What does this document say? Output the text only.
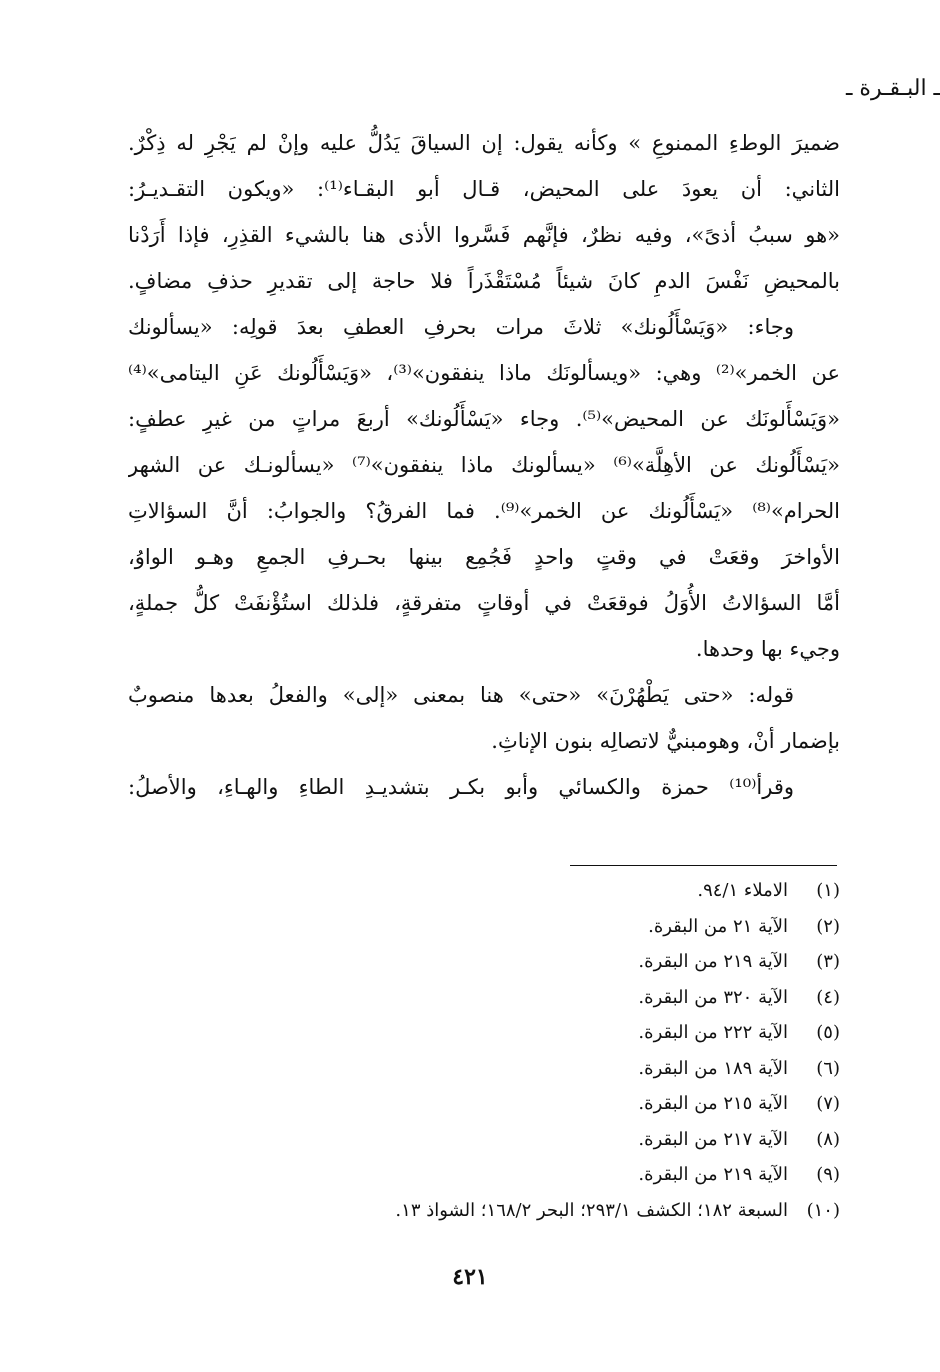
ـ البـقـرة ـ
ضميرَ الوطءِ الممنوعِ » وكأنه يقول: إن السياقَ يَدُلُّ عليه وإنْ لم يَجْرِ له ذِكْرٌ.
الثاني: أن يعودَ على المحيض، قـال أبو البقـاء⁽¹⁾: «ويكون التقـديـرُ:
«هو سببُ أذىً»، وفيه نظرٌ، فإنَّهم فَسَّروا الأذى هنا بالشيء القذِرِ، فإذا أَرَدْنا
بالمحيضِ نَفْسَ الدمِ كانَ شيئاً مُسْتَقْذَراً فلا حاجة إلى تقديرِ حذفِ مضافٍ.
وجاء: «وَيَسْأَلُونك» ثلاثَ مرات بحرفِ العطفِ بعدَ قولِه: «يسألونك
عن الخمر»⁽²⁾ وهي: «ويسألونَك ماذا ينفقون»⁽³⁾، «وَيَسْأَلُونك عَنِ اليتامى»⁽⁴⁾
«وَيَسْأَلونَك عن المحيض»⁽⁵⁾. وجاء «يَسْأَلُونك» أربعَ مراتٍ من غيرِ عطفٍ:
«يَسْأَلُونك عن الأهِلَّة»⁽⁶⁾ «يسألونك ماذا ينفقون»⁽⁷⁾ «يسألونـك عن الشهر
الحرام»⁽⁸⁾ «يَسْأَلُونك عن الخمر»⁽⁹⁾. فما الفرقُ؟ والجوابُ: أنَّ السؤالاتِ
الأواخرَ وقعَتْ في وقتٍ واحدٍ فَجُمِع بينها بحـرفِ الجمعِ وهـو الواوُ،
أمَّا السؤالاتُ الأُوَلُ فوقعَتْ في أوقاتٍ متفرقةٍ، فلذلك استُؤْنفَتْ كلُّ جملةٍ،
وجيء بها وحدها.
قوله: «حتى يَطْهُرْنَ» «حتى» هنا بمعنى «إلى» والفعلُ بعدها منصوبٌ
بإضمار أنْ، وهومبنيٌّ لاتصالِه بنون الإناثِ.
وقرأ⁽¹⁰⁾ حمزة والكسائي وأبو بكـر بتشديـدِ الطاءِ والهـاءِ، والأصلُ:
(١)
الاملاء ٩٤/١.
(٢)
الآية ٢١ من البقرة.
(٣)
الآية ٢١٩ من البقرة.
(٤)
الآية ٣٢٠ من البقرة.
(٥)
الآية ٢٢٢ من البقرة.
(٦)
الآية ١٨٩ من البقرة.
(٧)
الآية ٢١٥ من البقرة.
(٨)
الآية ٢١٧ من البقرة.
(٩)
الآية ٢١٩ من البقرة.
(١٠)
السبعة ١٨٢؛ الكشف ٢٩٣/١؛ البحر ١٦٨/٢؛ الشواذ ١٣.
٤٢١
